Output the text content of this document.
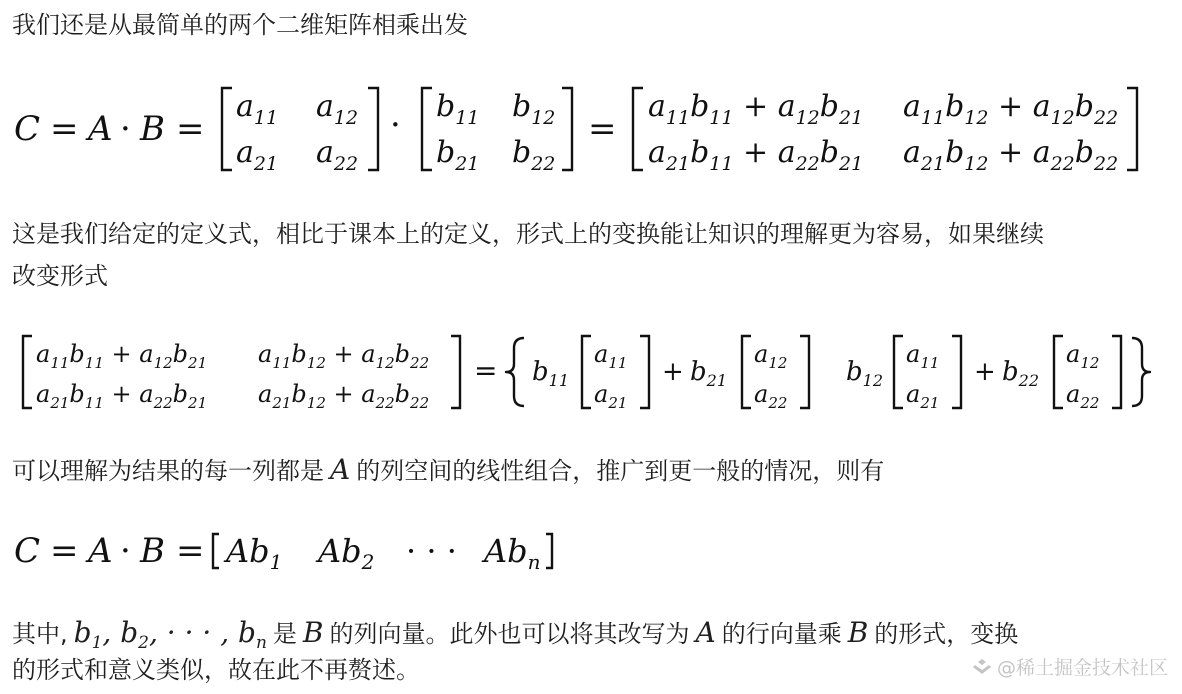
我们还是从最简单的两个二维矩阵相乘出发

C = A · B =
$a_{11}$ $a_{12}$
$a_{21}$ $a_{22}$
· $b_{11}$ $b_{12}$
$b_{21}$ $b_{22}$
=
$a_{11}b_{11} + a_{12}b_{21}$ $a_{11}b_{12} + a_{12}b_{22}$
$a_{21}b_{11} + a_{22}b_{21}$ $a_{21}b_{12} + a_{22}b_{22}$

这是我们给定的定义式，相比于课本上的定义，形式上的变换能让知识的理解更为容易，如果继续

改变形式

$a_{11}b_{11} + a_{12}b_{21}$ $a_{11}b_{12} + a_{12}b_{22}$
$a_{21}b_{11} + a_{22}b_{21}$ $a_{21}b_{12} + a_{22}b_{22}$
= $b_{11}$
$a_{11}$
$a_{21}$
+ $b_{21}$
$a_{12}$
$a_{22}$
$b_{12}$
$a_{11}$
$a_{21}$
+ $b_{22}$
$a_{12}$
$a_{22}$

可以理解为结果的每一列都是 A 的列空间的线性组合，推广到更一般的情况，则有

$C = A \cdot B = Ab_1$ $Ab_2$ · · · $Ab_n$

其中, $b_1$, $b_2$, · · · , $b_n$ 是 B 的列向量。此外也可以将其改写为 A 的行向量乘 B 的形式，变换

的形式和意义类似，故在此不再赘述。	@稀土掘金技术社区
